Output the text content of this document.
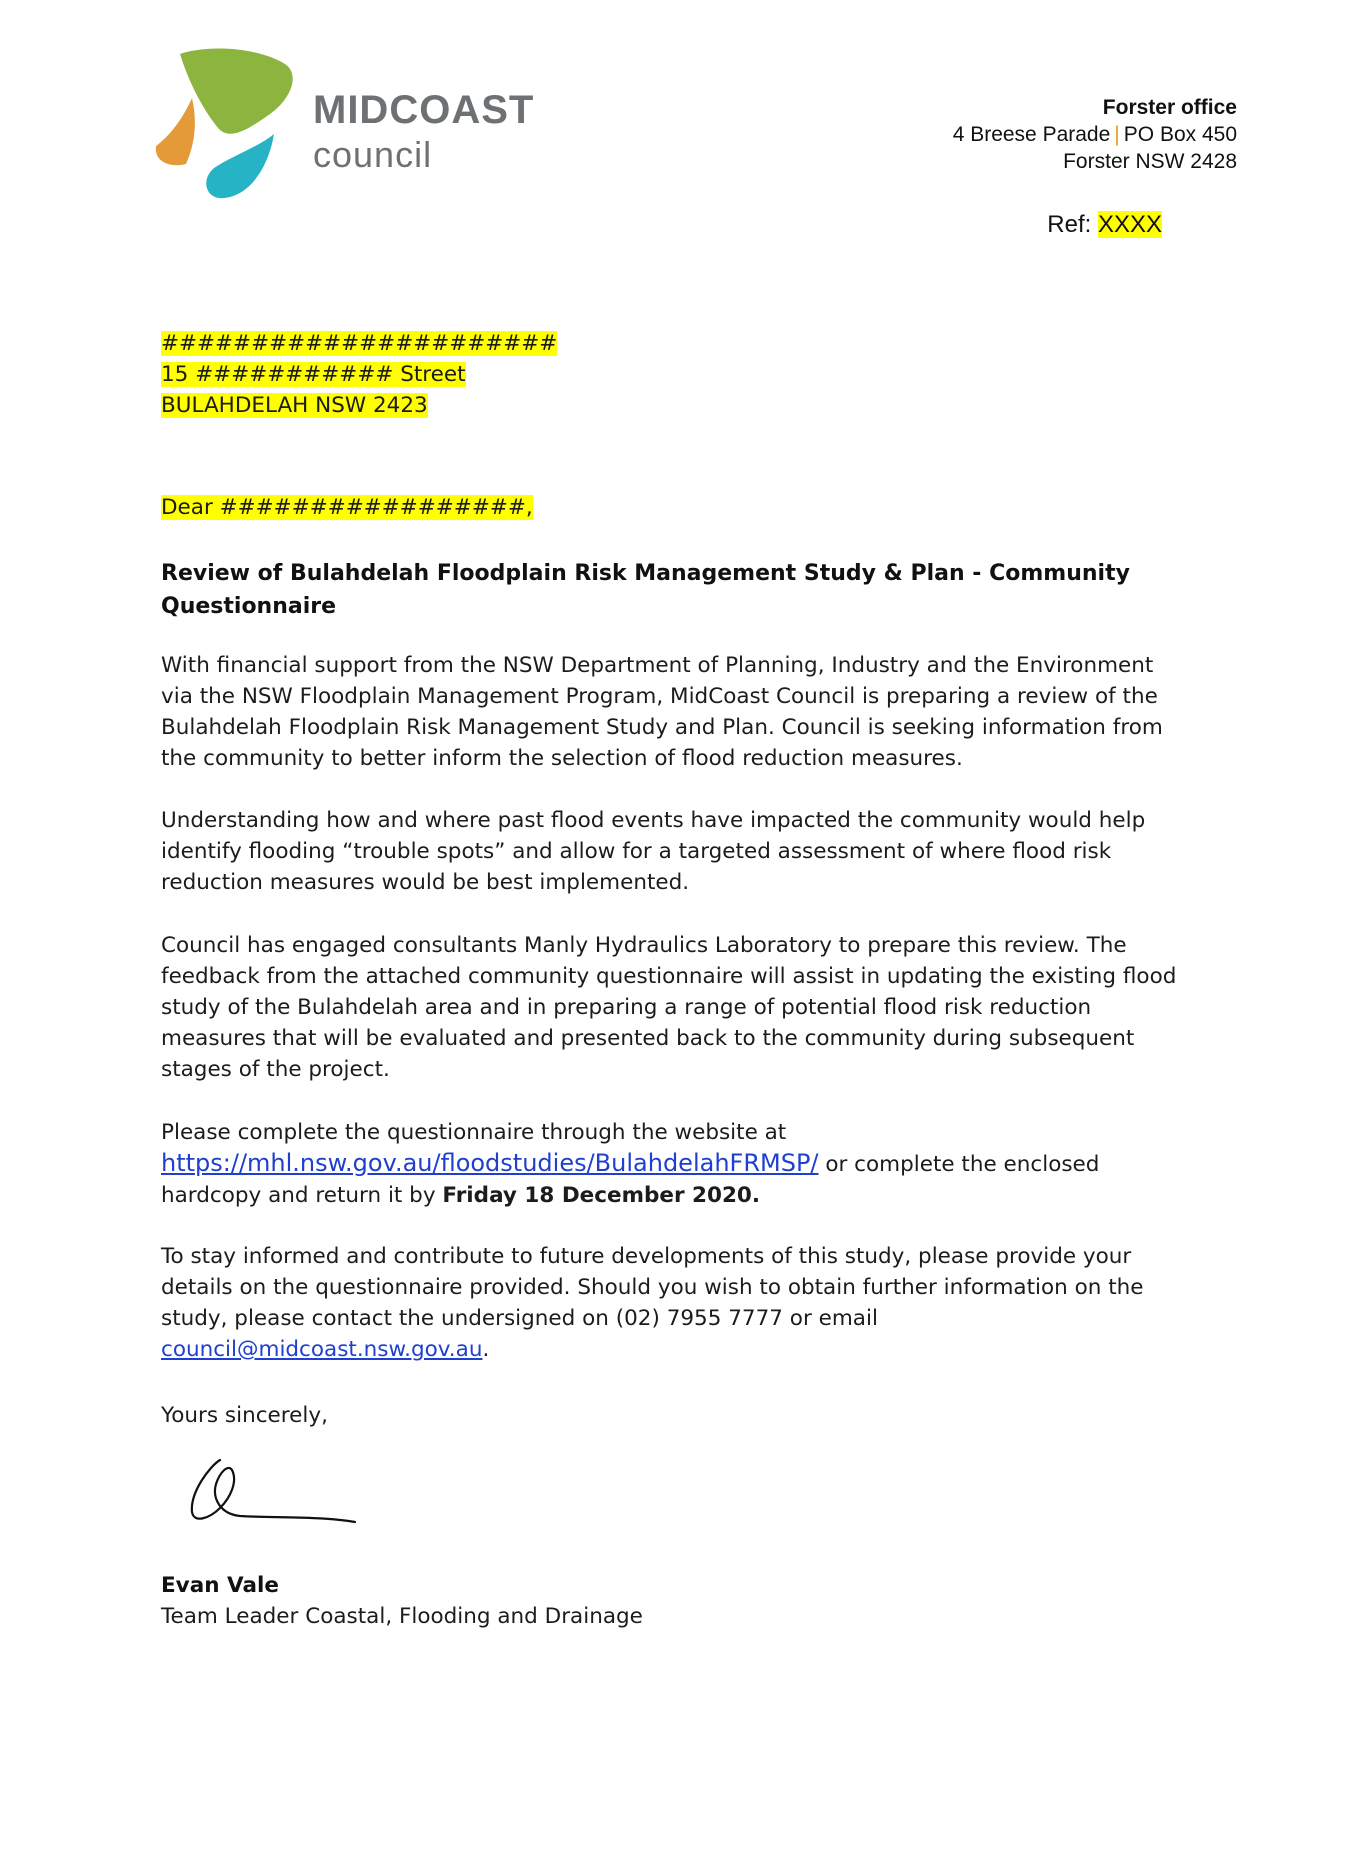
MIDCOAST
council
Forster office
4 Breese Parade | PO Box 450
Forster NSW 2428
Ref: XXXX
######################
15 ########### Street
BULAHDELAH NSW 2423
Dear #################,
Review of Bulahdelah Floodplain Risk Management Study & Plan - Community Questionnaire
With financial support from the NSW Department of Planning, Industry and the Environment via the NSW Floodplain Management Program, MidCoast Council is preparing a review of the Bulahdelah Floodplain Risk Management Study and Plan. Council is seeking information from the community to better inform the selection of flood reduction measures.
Understanding how and where past flood events have impacted the community would help identify flooding “trouble spots” and allow for a targeted assessment of where flood risk reduction measures would be best implemented.
Council has engaged consultants Manly Hydraulics Laboratory to prepare this review. The feedback from the attached community questionnaire will assist in updating the existing flood study of the Bulahdelah area and in preparing a range of potential flood risk reduction measures that will be evaluated and presented back to the community during subsequent stages of the project.
Please complete the questionnaire through the website at
https://mhl.nsw.gov.au/floodstudies/BulahdelahFRMSP/ or complete the enclosed hardcopy and return it by Friday 18 December 2020.
To stay informed and contribute to future developments of this study, please provide your details on the questionnaire provided. Should you wish to obtain further information on the study, please contact the undersigned on (02) 7955 7777 or email council@midcoast.nsw.gov.au.
Yours sincerely,
Evan Vale
Team Leader Coastal, Flooding and Drainage
